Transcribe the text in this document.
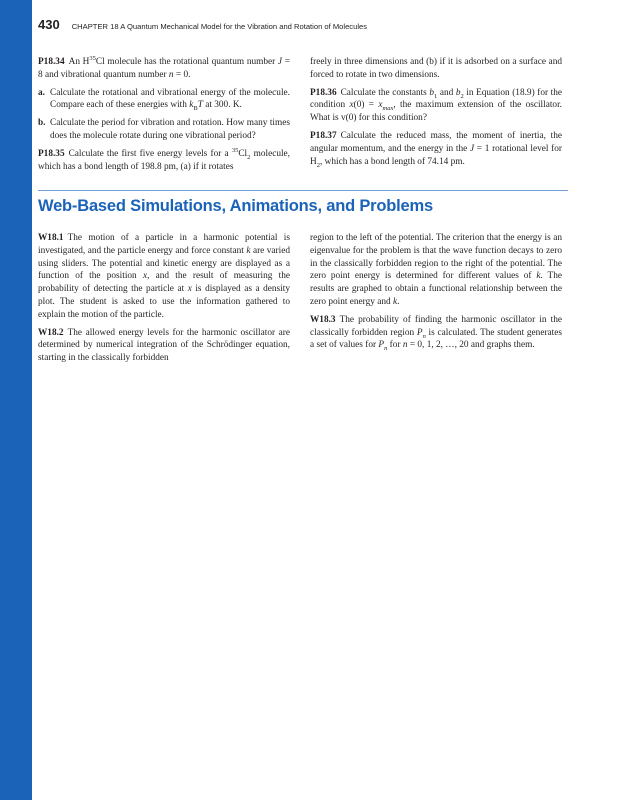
430 CHAPTER 18 A Quantum Mechanical Model for the Vibration and Rotation of Molecules

P18.34 An $H^{35}Cl$ molecule has the rotational quantum number J = 8 and vibrational quantum number n = 0.

a. Calculate the rotational and vibrational energy of the molecule. Compare each of these energies with $k_BT$ at 300. K.

b. Calculate the period for vibration and rotation. How many times does the molecule rotate during one vibrational period?

P18.35 Calculate the first five energy levels for a $^{35}Cl_2$ molecule, which has a bond length of 198.8 pm, (a) if it rotates

freely in three dimensions and (b) if it is adsorbed on a surface and forced to rotate in two dimensions.

P18.36 Calculate the constants $b_1$ and $b_2$ in Equation (18.9) for the condition $x(0) = x_{max}$, the maximum extension of the oscillator. What is v(0) for this condition?

P18.37 Calculate the reduced mass, the moment of inertia, the angular momentum, and the energy in the J = 1 rotational level for $H_2$, which has a bond length of 74.14 pm.

Web-Based Simulations, Animations, and Problems

W18.1 The motion of a particle in a harmonic potential is investigated, and the particle energy and force constant k are varied using sliders. The potential and kinetic energy are displayed as a function of the position x, and the result of measuring the probability of detecting the particle at x is displayed as a density plot. The student is asked to use the information gathered to explain the motion of the particle.

W18.2 The allowed energy levels for the harmonic oscillator are determined by numerical integration of the Schrödinger equation, starting in the classically forbidden

region to the left of the potential. The criterion that the energy is an eigenvalue for the problem is that the wave function decays to zero in the classically forbidden region to the right of the potential. The zero point energy is determined for different values of k. The results are graphed to obtain a functional relationship between the zero point energy and k.

W18.3 The probability of finding the harmonic oscillator in the classically forbidden region $P_n$ is calculated. The student generates a set of values for $P_n$ for n = 0, 1, 2, …, 20 and graphs them.
